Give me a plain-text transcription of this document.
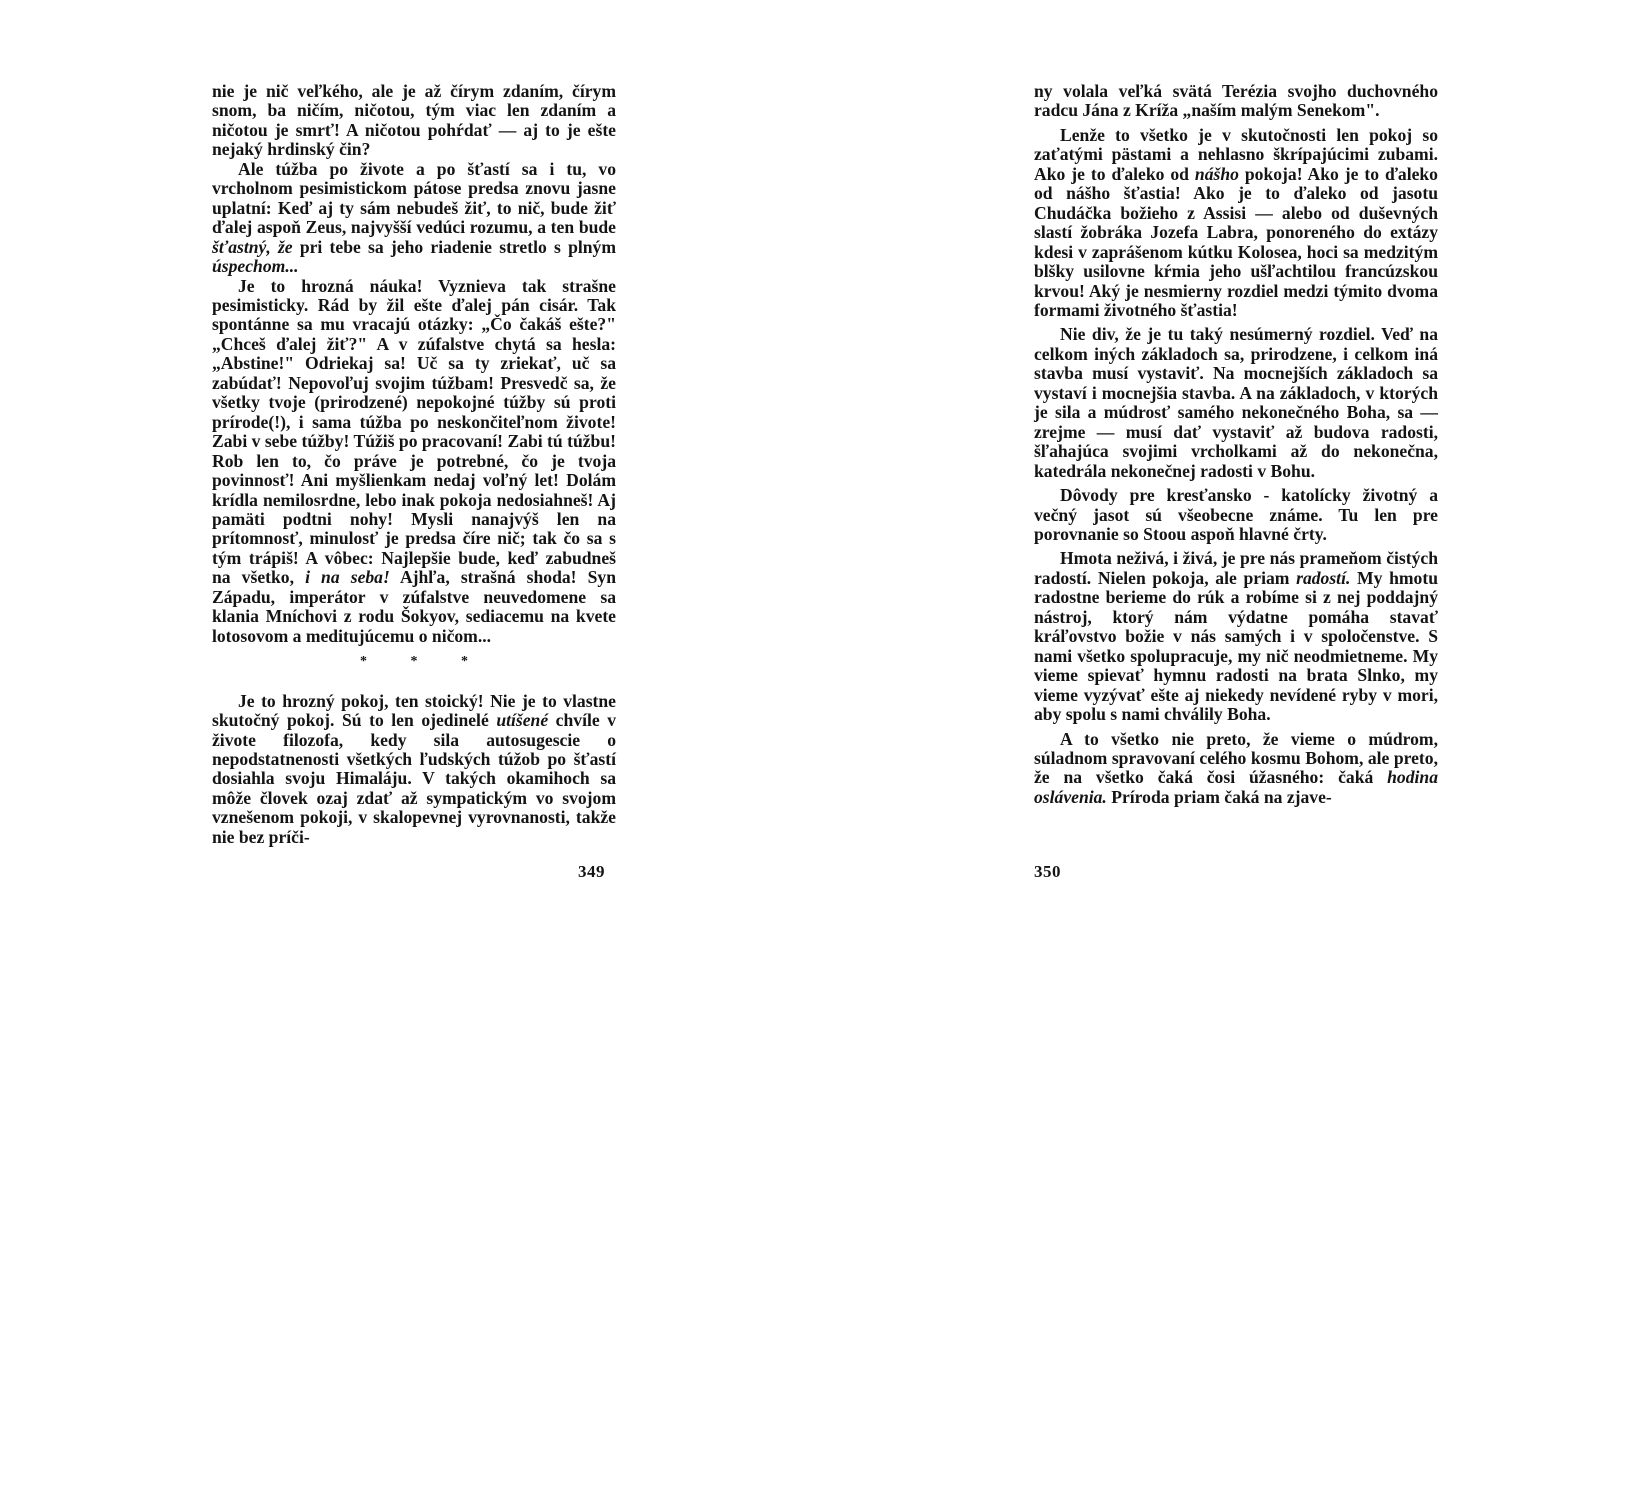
nie je nič veľkého, ale je až čírym zdaním, čírym snom, ba ničím, ničotou, tým viac len zdaním a ničotou je smrť! A ničotou pohŕdať — aj to je ešte nejaký hrdinský čin?

Ale túžba po živote a po šťastí sa i tu, vo vrcholnom pesimistickom pátose predsa znovu jasne uplatní: Keď aj ty sám nebudeš žiť, to nič, bude žiť ďalej aspoň Zeus, najvyšší vedúci rozumu, a ten bude šťastný, že pri tebe sa jeho riadenie stretlo s plným úspechom...

Je to hrozná náuka! Vyznieva tak strašne pesimisticky. Rád by žil ešte ďalej pán cisár. Tak spontánne sa mu vracajú otázky: „Čo čakáš ešte?" „Chceš ďalej žiť?" A v zúfalstve chytá sa hesla: „Abstine!" Odriekaj sa! Uč sa ty zriekať, uč sa zabúdať! Nepovoľuj svojim túžbam! Presvedč sa, že všetky tvoje (prirodzené) nepokojné túžby sú proti prírode(!), i sama túžba po neskončiteľnom živote! Zabi v sebe túžby! Túžiš po pracovaní! Zabi tú túžbu! Rob len to, čo práve je potrebné, čo je tvoja povinnosť! Ani myšlienkam nedaj voľný let! Dolám krídla nemilosrdne, lebo inak pokoja nedosiahneš! Aj pamäti podtni nohy! Mysli nanajvýš len na prítomnosť, minulosť je predsa číre nič; tak čo sa s tým trápiš! A vôbec: Najlepšie bude, keď zabudneš na všetko, i na seba! Ajhľa, strašná shoda! Syn Západu, imperátor v zúfalstve neuvedomene sa klania Mníchovi z rodu Šokyov, sediacemu na kvete lotosovom a meditujúcemu o ničom...

* * *

Je to hrozný pokoj, ten stoický! Nie je to vlastne skutočný pokoj. Sú to len ojedinelé utíšené chvíle v živote filozofa, kedy sila autosugescie o nepodstatnenosti všetkých ľudských túžob po šťastí dosiahla svoju Himaláju. V takých okamihoch sa môže človek ozaj zdať až sympatickým vo svojom vznešenom pokoji, v skalopevnej vyrovnanosti, takže nie bez príči-

349

ny volala veľká svätá Terézia svojho duchovného radcu Jána z Kríža „naším malým Senekom".

Lenže to všetko je v skutočnosti len pokoj so zaťatými pästami a nehlasno škrípajúcimi zubami. Ako je to ďaleko od nášho pokoja! Ako je to ďaleko od nášho šťastia! Ako je to ďaleko od jasotu Chudáčka božieho z Assisi — alebo od duševných slastí žobráka Jozefa Labra, ponoreného do extázy kdesi v zaprášenom kútku Kolosea, hoci sa medzitým blšky usilovne kŕmia jeho ušľachtilou francúzskou krvou! Aký je nesmierny rozdiel medzi týmito dvoma formami životného šťastia!

Nie div, že je tu taký nesúmerný rozdiel. Veď na celkom iných základoch sa, prirodzene, i celkom iná stavba musí vystaviť. Na mocnejších základoch sa vystaví i mocnejšia stavba. A na základoch, v ktorých je sila a múdrosť samého nekonečného Boha, sa — zrejme — musí dať vystaviť až budova radosti, šľahajúca svojimi vrcholkami až do nekonečna, katedrála nekonečnej radosti v Bohu.

Dôvody pre kresťansko - katolícky životný a večný jasot sú všeobecne známe. Tu len pre porovnanie so Stoou aspoň hlavné črty.

Hmota neživá, i živá, je pre nás prameňom čistých radostí. Nielen pokoja, ale priam radostí. My hmotu radostne berieme do rúk a robíme si z nej poddajný nástroj, ktorý nám výdatne pomáha stavať kráľovstvo božie v nás samých i v spoločenstve. S nami všetko spolupracuje, my nič neodmietneme. My vieme spievať hymnu radosti na brata Slnko, my vieme vyzývať ešte aj niekedy nevídené ryby v mori, aby spolu s nami chválily Boha.

A to všetko nie preto, že vieme o múdrom, súladnom spravovaní celého kosmu Bohom, ale preto, že na všetko čaká čosi úžasného: čaká hodina oslávenia. Príroda priam čaká na zjave-

350
